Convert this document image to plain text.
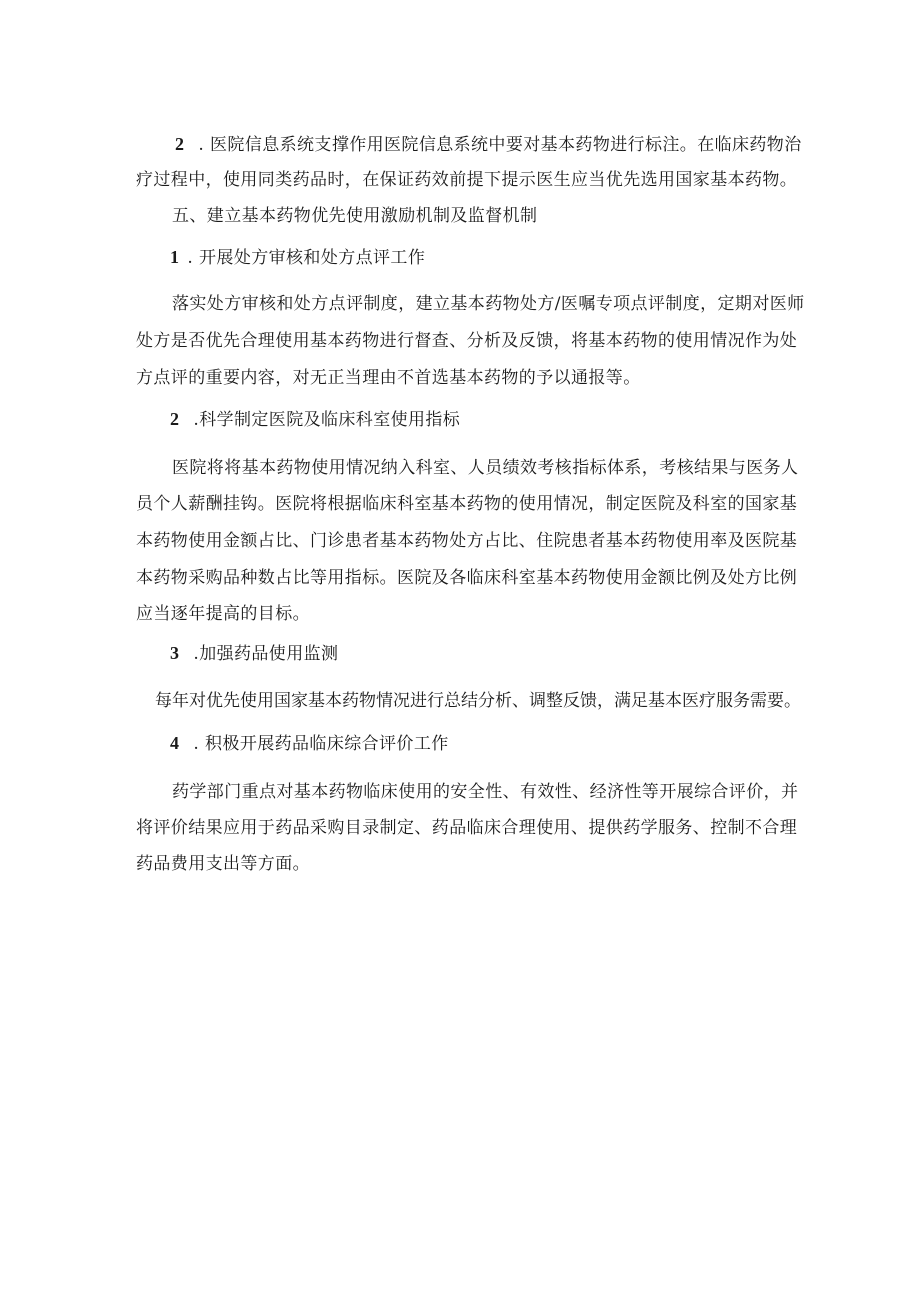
2 . 医院信息系统支撑作用医院信息系统中要对基本药物进行标注。在临床药物治
疗过程中，使用同类药品时，在保证药效前提下提示医生应当优先选用国家基本药物。
五、建立基本药物优先使用激励机制及监督机制
1 . 开展处方审核和处方点评工作
落实处方审核和处方点评制度，建立基本药物处方/医嘱专项点评制度，定期对医师
处方是否优先合理使用基本药物进行督查、分析及反馈，将基本药物的使用情况作为处
方点评的重要内容，对无正当理由不首选基本药物的予以通报等。
2 .科学制定医院及临床科室使用指标
医院将将基本药物使用情况纳入科室、人员绩效考核指标体系，考核结果与医务人
员个人薪酬挂钩。医院将根据临床科室基本药物的使用情况，制定医院及科室的国家基
本药物使用金额占比、门诊患者基本药物处方占比、住院患者基本药物使用率及医院基
本药物采购品种数占比等用指标。医院及各临床科室基本药物使用金额比例及处方比例
应当逐年提高的目标。
3 .加强药品使用监测
每年对优先使用国家基本药物情况进行总结分析、调整反馈，满足基本医疗服务需要。
4 . 积极开展药品临床综合评价工作
药学部门重点对基本药物临床使用的安全性、有效性、经济性等开展综合评价，并
将评价结果应用于药品采购目录制定、药品临床合理使用、提供药学服务、控制不合理
药品费用支出等方面。
